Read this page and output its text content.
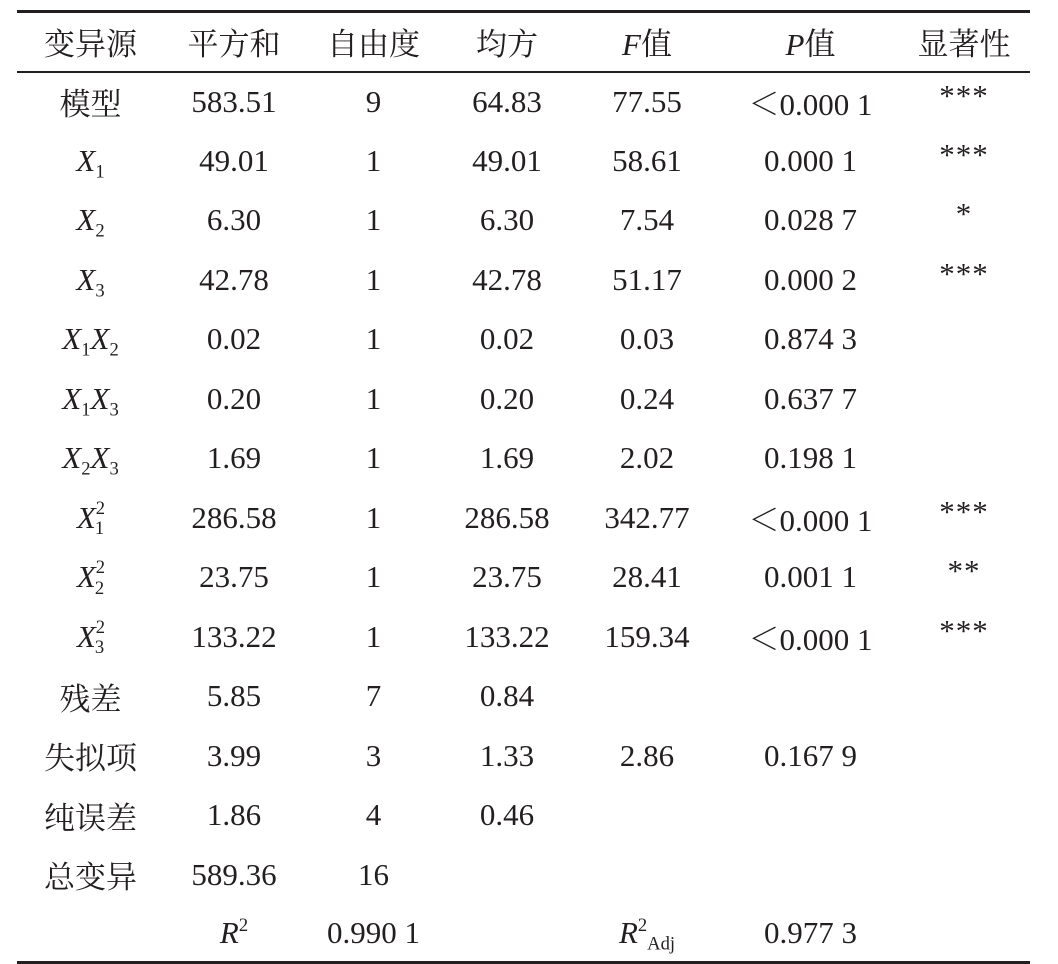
变异源	平方和	自由度	均方	F值	P值	显著性
模型	583.51	9	64.83	77.55	＜0.000 1	***
$X_1$	49.01	1	49.01	58.61	0.000 1	***
$X_2$	6.30	1	6.30	7.54	0.028 7	*
$X_3$	42.78	1	42.78	51.17	0.000 2	***
$X_1X_2$	0.02	1	0.02	0.03	0.874 3	
$X_1X_3$	0.20	1	0.20	0.24	0.637 7	
$X_2X_3$	1.69	1	1.69	2.02	0.198 1	
$X^2_1$	286.58	1	286.58	342.77	＜0.000 1	***
$X^2_2$	23.75	1	23.75	28.41	0.001 1	**
$X^2_3$	133.22	1	133.22	159.34	＜0.000 1	***
残差	5.85	7	0.84			
失拟项	3.99	3	1.33	2.86	0.167 9	
纯误差	1.86	4	0.46			
总变异	589.36	16				
	$R^2$	0.990 1		$R^2_{Adj}$	0.977 3	
